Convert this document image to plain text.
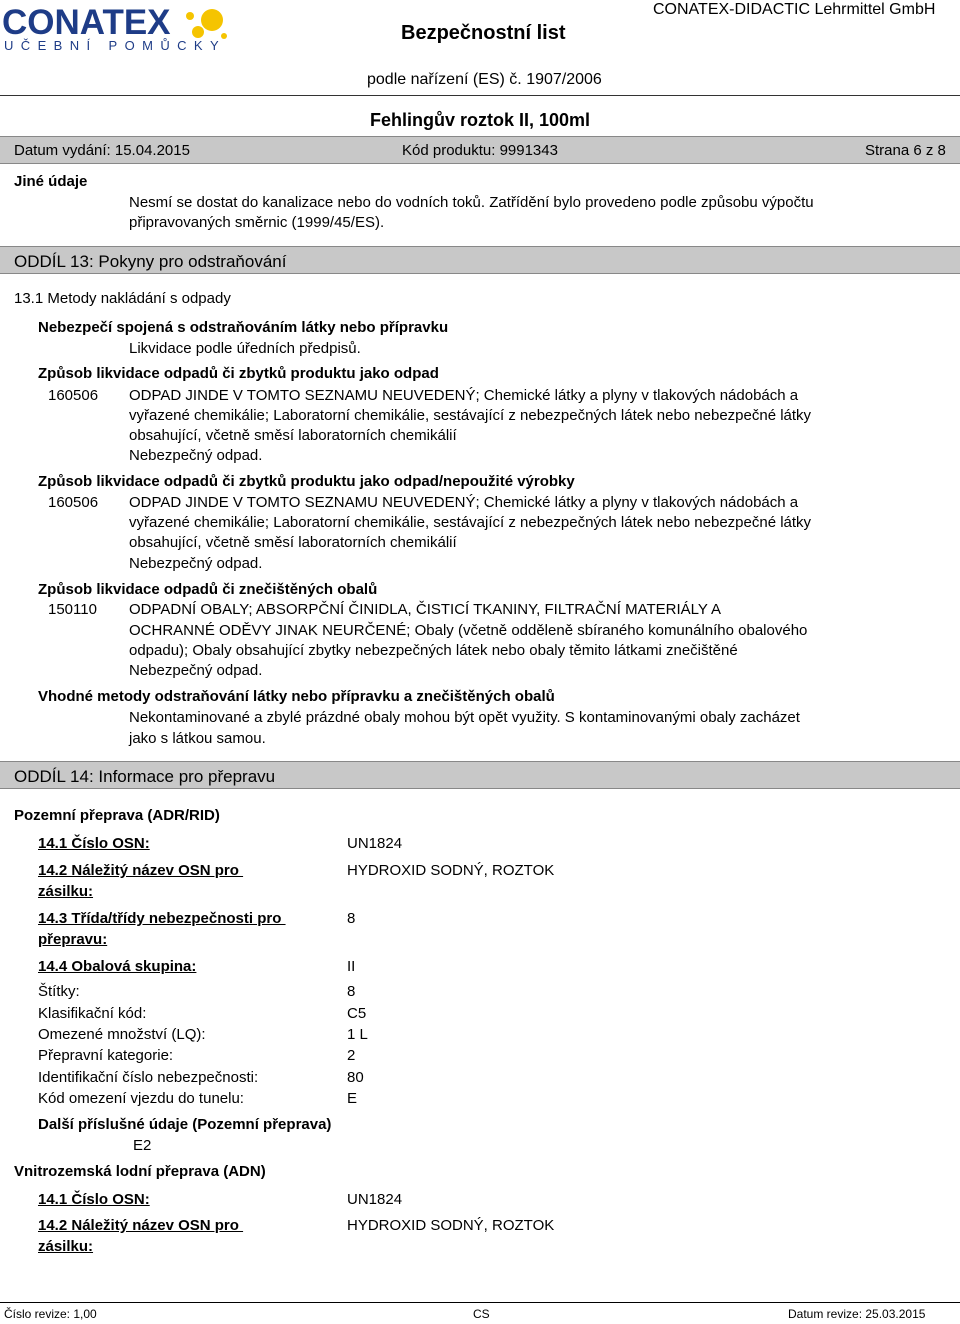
CONATEX
UČEBNÍ POMŮCKY
Bezpečnostní list
CONATEX-DIDACTIC Lehrmittel GmbH
podle nařízení (ES) č. 1907/2006
Fehlingův roztok II, 100ml
Datum vydání: 15.04.2015	Kód produktu: 9991343	Strana 6 z 8
Jiné údaje
Nesmí se dostat do kanalizace nebo do vodních toků. Zatřídění bylo provedeno podle způsobu výpočtu
připravovaných směrnic (1999/45/ES).
ODDÍL 13: Pokyny pro odstraňování
13.1 Metody nakládání s odpady
Nebezpečí spojená s odstraňováním látky nebo přípravku
Likvidace podle úředních předpisů.
Způsob likvidace odpadů či zbytků produktu jako odpad
160506 ODPAD JINDE V TOMTO SEZNAMU NEUVEDENÝ; Chemické látky a plyny v tlakových nádobách a
vyřazené chemikálie; Laboratorní chemikálie, sestávající z nebezpečných látek nebo nebezpečné látky
obsahující, včetně směsí laboratorních chemikálií
Nebezpečný odpad.
Způsob likvidace odpadů či zbytků produktu jako odpad/nepoužité výrobky
160506 ODPAD JINDE V TOMTO SEZNAMU NEUVEDENÝ; Chemické látky a plyny v tlakových nádobách a
vyřazené chemikálie; Laboratorní chemikálie, sestávající z nebezpečných látek nebo nebezpečné látky
obsahující, včetně směsí laboratorních chemikálií
Nebezpečný odpad.
Způsob likvidace odpadů či znečištěných obalů
150110 ODPADNÍ OBALY; ABSORPČNÍ ČINIDLA, ČISTICÍ TKANINY, FILTRAČNÍ MATERIÁLY A
OCHRANNÉ ODĚVY JINAK NEURČENÉ; Obaly (včetně odděleně sbíraného komunálního obalového
odpadu); Obaly obsahující zbytky nebezpečných látek nebo obaly těmito látkami znečištěné
Nebezpečný odpad.
Vhodné metody odstraňování látky nebo přípravku a znečištěných obalů
Nekontaminované a zbylé prázdné obaly mohou být opět využity. S kontaminovanými obaly zacházet
jako s látkou samou.
ODDÍL 14: Informace pro přepravu
Pozemní přeprava (ADR/RID)
14.1 Číslo OSN:	UN1824
14.2 Náležitý název OSN pro
zásilku:
HYDROXID SODNÝ, ROZTOK
14.3 Třída/třídy nebezpečnosti pro
přepravu:
8
14.4 Obalová skupina:	II
Štítky:	8
Klasifikační kód:	C5
Omezené množství (LQ):	1 L
Přepravní kategorie:	2
Identifikační číslo nebezpečnosti:	80
Kód omezení vjezdu do tunelu:	E
Další příslušné údaje (Pozemní přeprava)
E2
Vnitrozemská lodní přeprava (ADN)
14.1 Číslo OSN:	UN1824
14.2 Náležitý název OSN pro
zásilku:
HYDROXID SODNÝ, ROZTOK
Číslo revize: 1,00	CS	Datum revize: 25.03.2015
